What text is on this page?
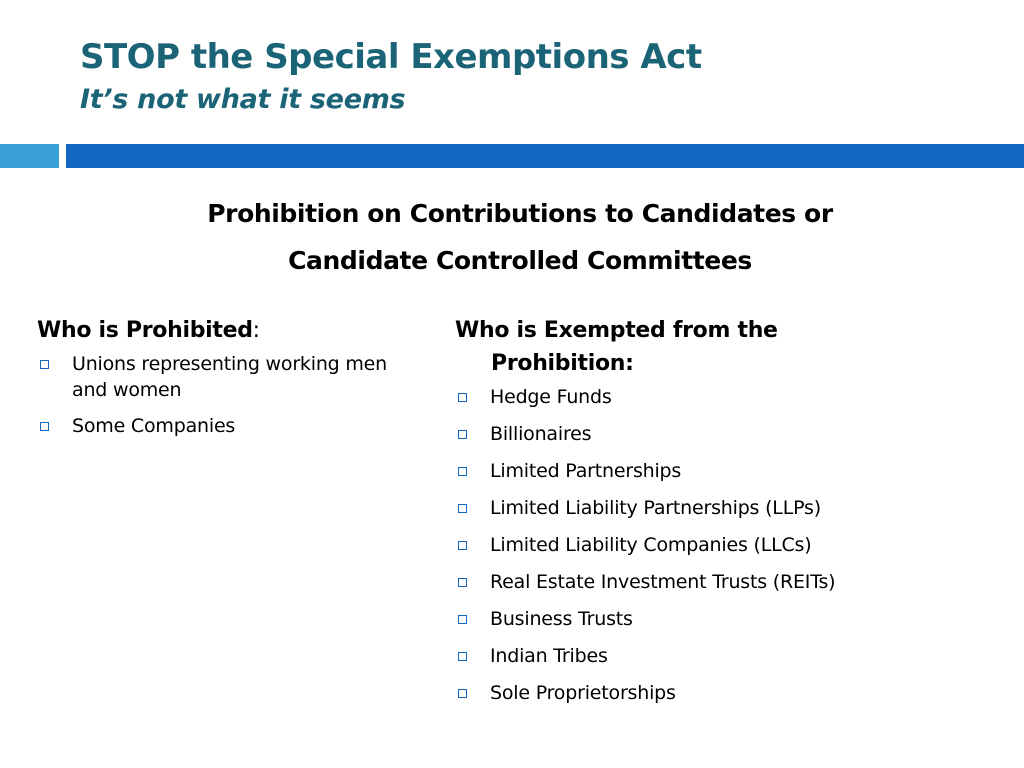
STOP the Special Exemptions Act
It’s not what it seems
Prohibition on Contributions to Candidates or
Candidate Controlled Committees
Who is Prohibited:
Unions representing working men and women
Some Companies
Who is Exempted from the
Prohibition:
Hedge Funds
Billionaires
Limited Partnerships
Limited Liability Partnerships (LLPs)
Limited Liability Companies (LLCs)
Real Estate Investment Trusts (REITs)
Business Trusts
Indian Tribes
Sole Proprietorships
